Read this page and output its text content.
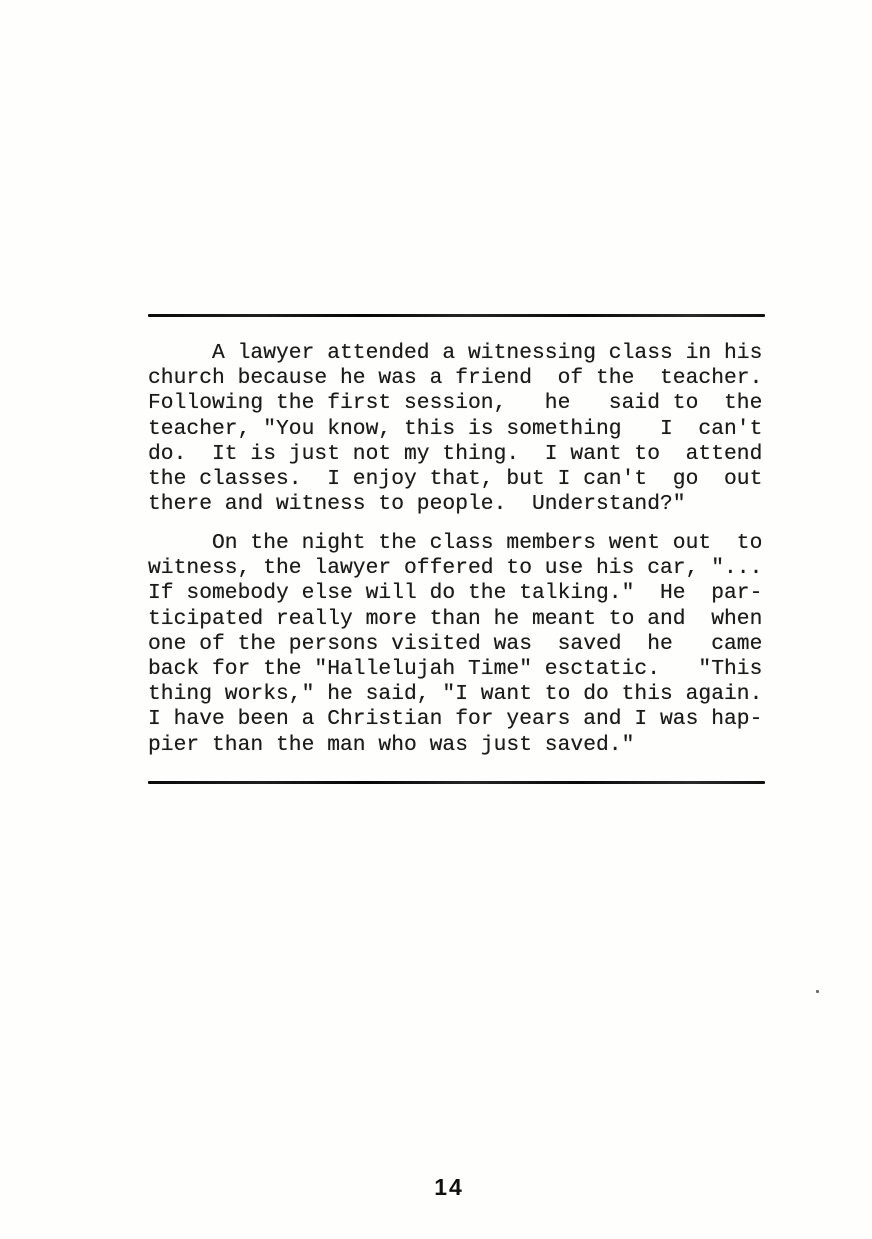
A lawyer attended a witnessing class in his
church because he was a friend  of the  teacher.
Following the first session,   he   said to  the
teacher, "You know, this is something   I  can't
do.  It is just not my thing.  I want to  attend
the classes.  I enjoy that, but I can't  go  out
there and witness to people.  Understand?"
On the night the class members went out  to
witness, the lawyer offered to use his car, "...
If somebody else will do the talking."  He  par-
ticipated really more than he meant to and  when
one of the persons visited was  saved  he   came
back for the "Hallelujah Time" esctatic.   "This
thing works," he said, "I want to do this again.
I have been a Christian for years and I was hap-
pier than the man who was just saved."
14
